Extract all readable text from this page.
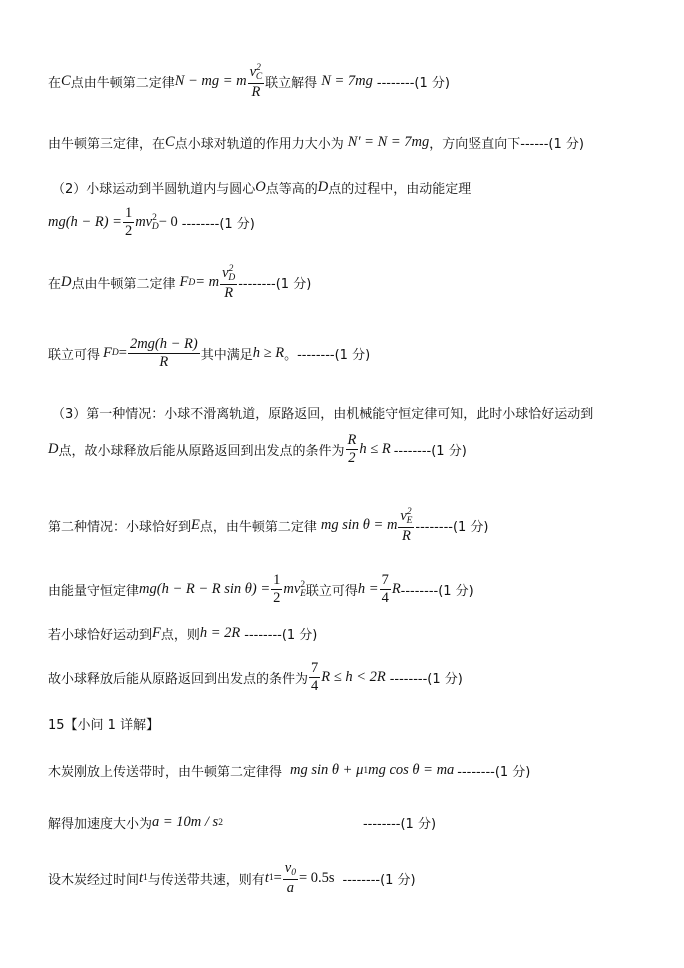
在 C 点由牛顿第二定律 N − mg = m $\frac{v^2_C}{R}$ 联立解得 N = 7mg --------(1 分)
由牛顿第三定律，在 C 点小球对轨道的作用力大小为 N′ = N = 7mg ，方向竖直向下------(1 分)
（2）小球运动到半圆轨道内与圆心 O 点等高的 D 点的过程中，由动能定理
$mg(h - R) = \frac{1}{2}$ mv $^2_D$ − 0 --------(1 分)
在 D 点由牛顿第二定律 F D = m $\frac{v^2_D}{R} --------(1$ 分)
联立可得 F $D = \frac{2mg(h - R)}{R}$ 其中满足 h ≥ R 。--------(1 分)
（3）第一种情况：小球不滑离轨道，原路返回，由机械能守恒定律可知，此时小球恰好运动到
D 点，故小球释放后能从原路返回到出发点的条件为 $\frac{R}{2}$ h ≤ R --------(1 分)
第二种情况：小球恰好到 E 点，由牛顿第二定律 mg sin θ = m $\frac{v^2_E}{R} --------(1$ 分)
由能量守恒定律 mg(h − R − R $\sin \theta) = \frac{1}{2}$ mv $^2_E$ 联立可得 $h = \frac{7}{4}$ R --------(1 分)
若小球恰好运动到 F 点，则 h = 2R --------(1 分)
故小球释放后能从原路返回到出发点的条件为 $\frac{7}{4}$ R ≤ h < 2R --------(1 分)
15【小问 1 详解】
木炭刚放上传送带时，由牛顿第二定律得 mg sin θ + μ 1 mg cos θ = ma --------(1 分)
解得加速度大小为 a = 10m / s 2	--------(1 分)
设木炭经过时间 t 1 与传送带共速，则有 t $1 = \frac{v_0}{a} = 0.5s$ --------(1 分)
